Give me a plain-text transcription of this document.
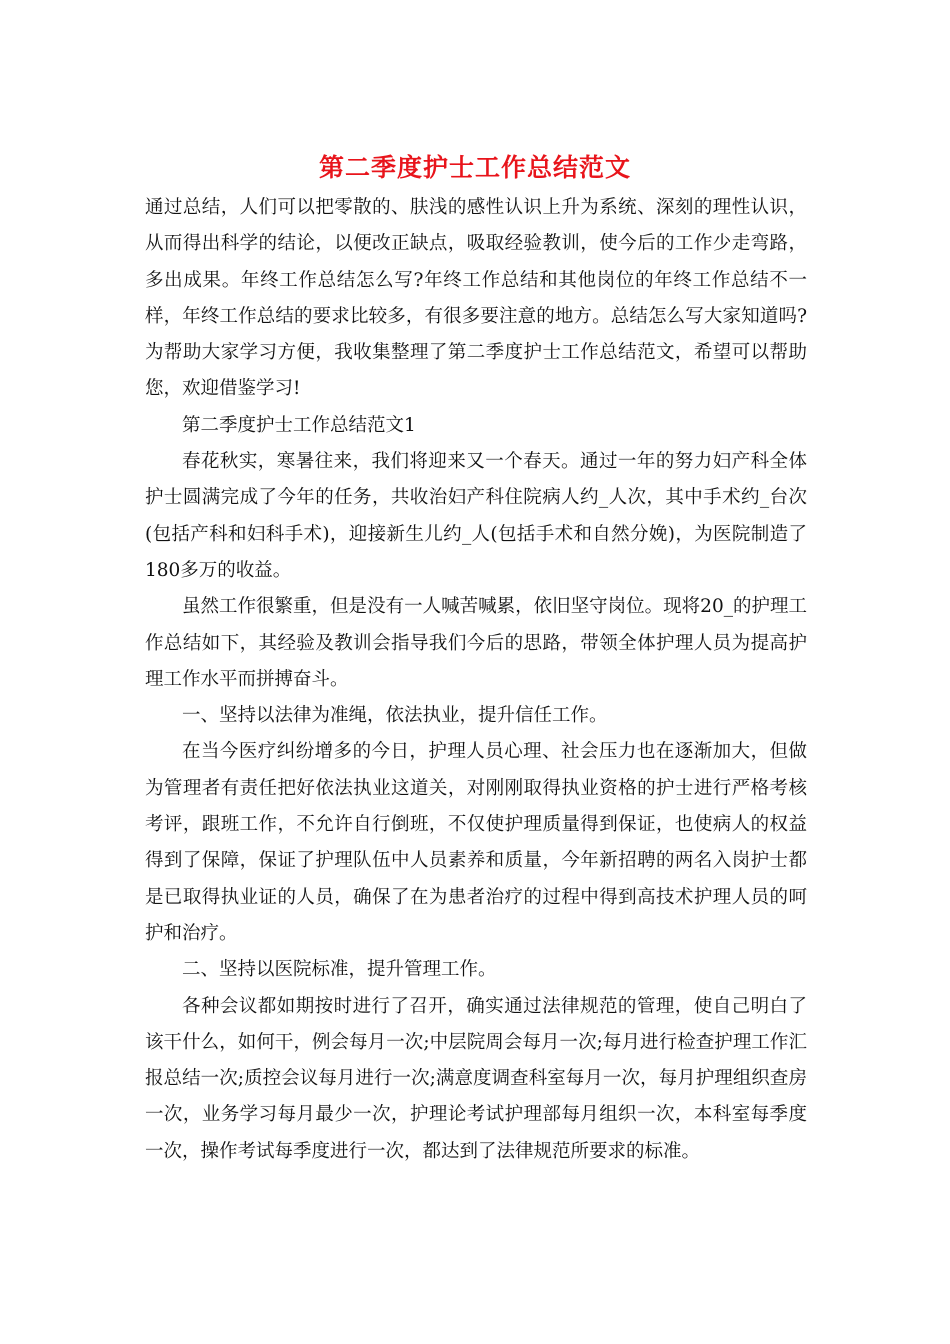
第二季度护士工作总结范文

通过总结，人们可以把零散的、肤浅的感性认识上升为系统、深刻的理性认识，从而得出科学的结论，以便改正缺点，吸取经验教训，使今后的工作少走弯路，多出成果。年终工作总结怎么写?年终工作总结和其他岗位的年终工作总结不一样，年终工作总结的要求比较多，有很多要注意的地方。总结怎么写大家知道吗?为帮助大家学习方便，我收集整理了第二季度护士工作总结范文，希望可以帮助您，欢迎借鉴学习!

第二季度护士工作总结范文1

春花秋实，寒暑往来，我们将迎来又一个春天。通过一年的努力妇产科全体护士圆满完成了今年的任务，共收治妇产科住院病人约_人次，其中手术约_台次(包括产科和妇科手术)，迎接新生儿约_人(包括手术和自然分娩)，为医院制造了180多万的收益。

虽然工作很繁重，但是没有一人喊苦喊累，依旧坚守岗位。现将20_的护理工作总结如下，其经验及教训会指导我们今后的思路，带领全体护理人员为提高护理工作水平而拼搏奋斗。

一、坚持以法律为准绳，依法执业，提升信任工作。

在当今医疗纠纷增多的今日，护理人员心理、社会压力也在逐渐加大，但做为管理者有责任把好依法执业这道关，对刚刚取得执业资格的护士进行严格考核考评，跟班工作，不允许自行倒班，不仅使护理质量得到保证，也使病人的权益得到了保障，保证了护理队伍中人员素养和质量，今年新招聘的两名入岗护士都是已取得执业证的人员，确保了在为患者治疗的过程中得到高技术护理人员的呵护和治疗。

二、坚持以医院标准，提升管理工作。

各种会议都如期按时进行了召开，确实通过法律规范的管理，使自己明白了该干什么，如何干，例会每月一次;中层院周会每月一次;每月进行检查护理工作汇报总结一次;质控会议每月进行一次;满意度调查科室每月一次，每月护理组织查房一次，业务学习每月最少一次，护理论考试护理部每月组织一次，本科室每季度一次，操作考试每季度进行一次，都达到了法律规范所要求的标准。
